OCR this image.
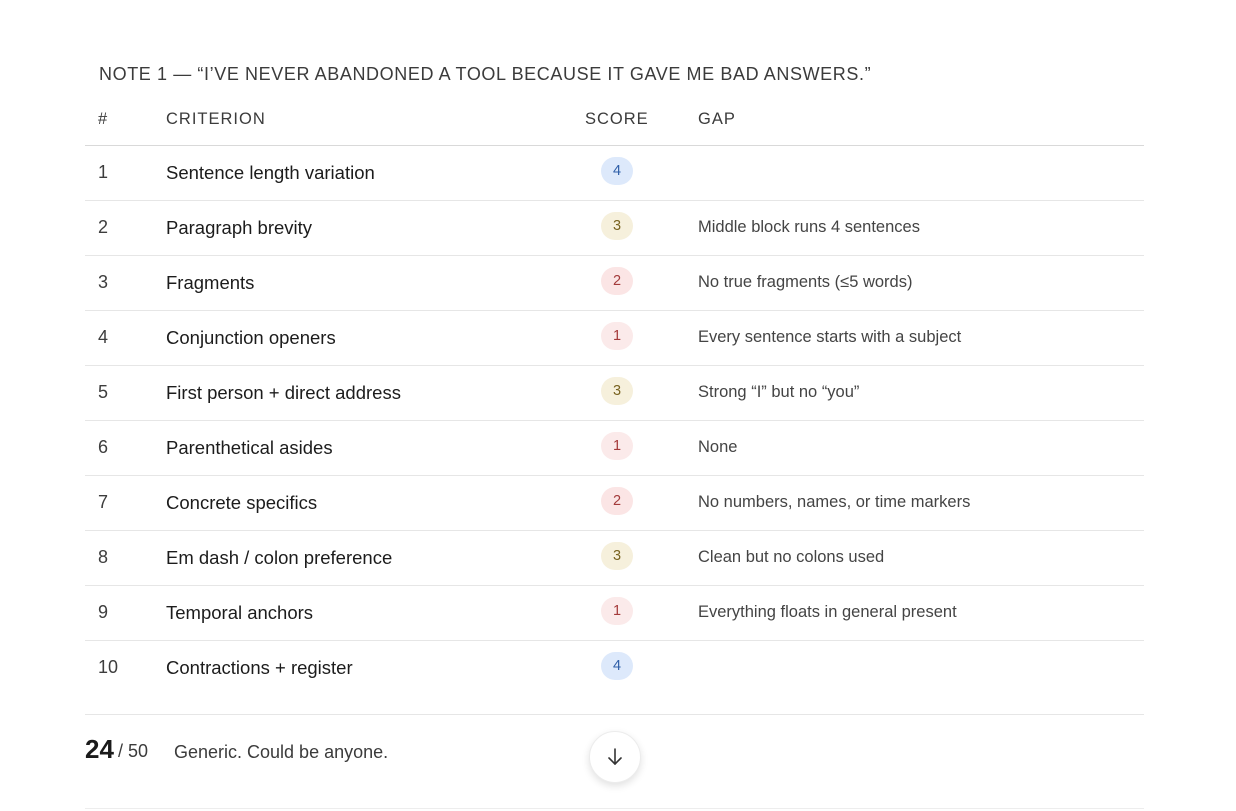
NOTE 1 — “I’VE NEVER ABANDONED A TOOL BECAUSE IT GAVE ME BAD ANSWERS.”
#	CRITERION	SCORE	GAP
1	Sentence length variation	4
2	Paragraph brevity	3	Middle block runs 4 sentences
3	Fragments	2	No true fragments (≤5 words)
4	Conjunction openers	1	Every sentence starts with a subject
5	First person + direct address	3	Strong “I” but no “you”
6	Parenthetical asides	1	None
7	Concrete specifics	2	No numbers, names, or time markers
8	Em dash / colon preference	3	Clean but no colons used
9	Temporal anchors	1	Everything floats in general present
10	Contractions + register	4
24 / 50 Generic. Could be anyone.
